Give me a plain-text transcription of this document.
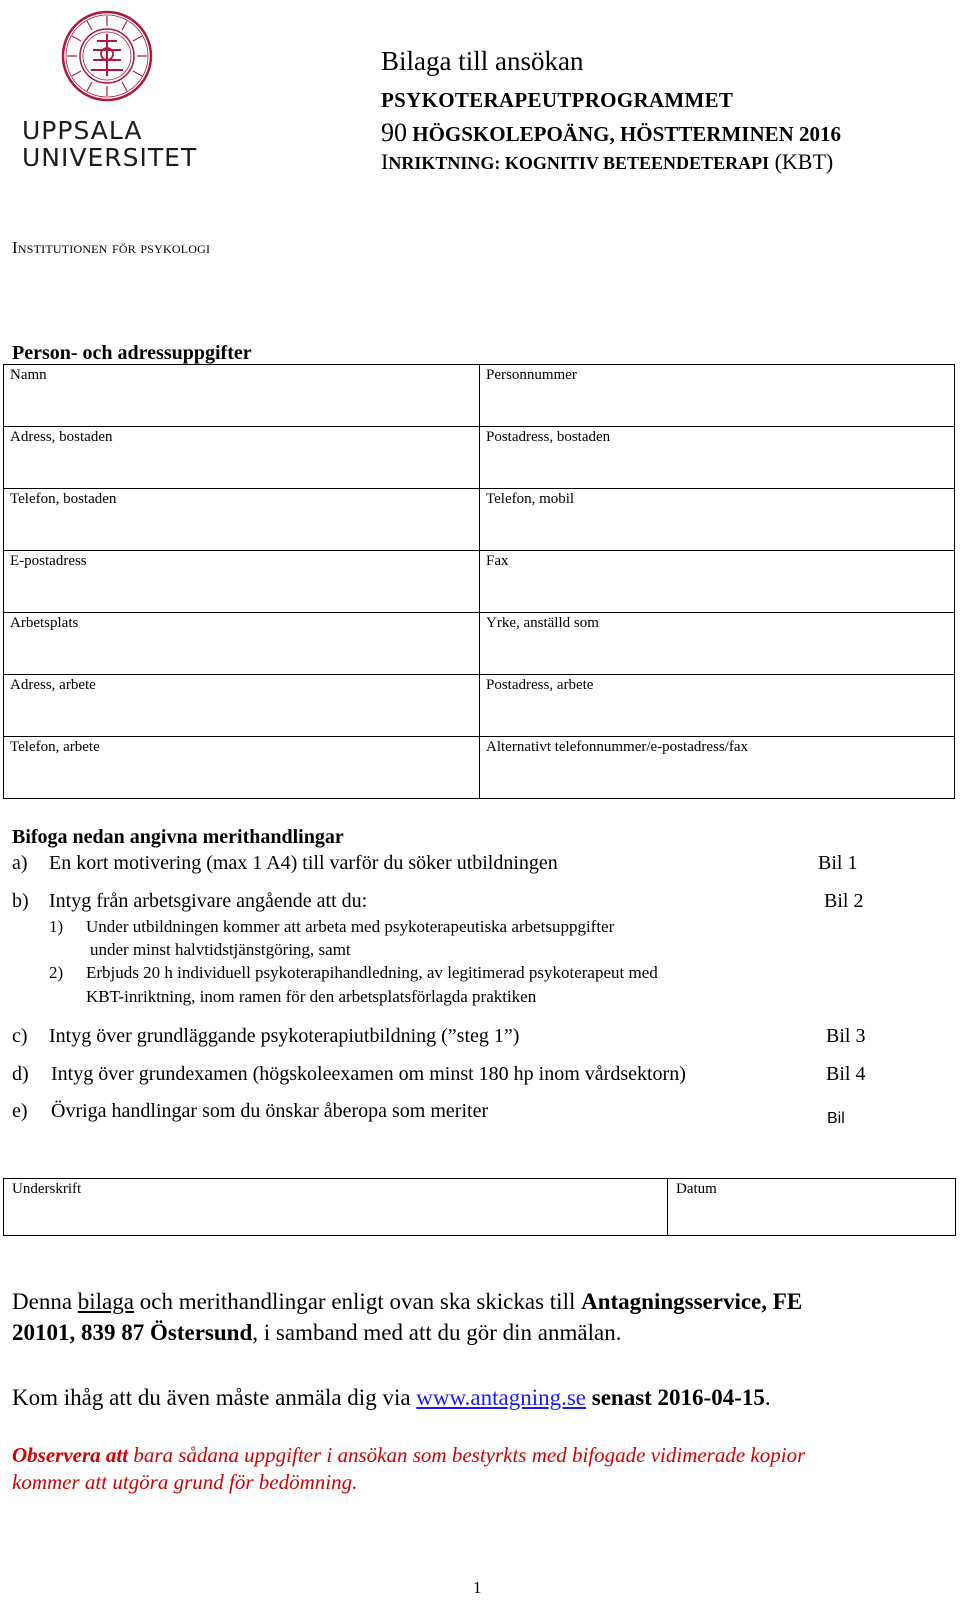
UPPSALA
UNIVERSITET
Bilaga till ansökan
PSYKOTERAPEUTPROGRAMMET
90 HÖGSKOLEPOÄNG, HÖSTTERMINEN 2016
INRIKTNING: KOGNITIV BETEENDETERAPI (KBT)
Institutionen för psykologi
Person- och adressuppgifter
Namn	Personnummer
Adress, bostaden	Postadress, bostaden
Telefon, bostaden	Telefon, mobil
E-postadress	Fax
Arbetsplats	Yrke, anställd som
Adress, arbete	Postadress, arbete
Telefon, arbete	Alternativt telefonnummer/e-postadress/fax
Bifoga nedan angivna merithandlingar
a) En kort motivering (max 1 A4) till varför du söker utbildningen	Bil 1
b) Intyg från arbetsgivare angående att du:	Bil 2
1) Under utbildningen kommer att arbeta med psykoterapeutiska arbetsuppgifter
under minst halvtidstjänstgöring, samt
2) Erbjuds 20 h individuell psykoterapihandledning, av legitimerad psykoterapeut med
KBT-inriktning, inom ramen för den arbetsplatsförlagda praktiken
c) Intyg över grundläggande psykoterapiutbildning (”steg 1”)	Bil 3
d) Intyg över grundexamen (högskoleexamen om minst 180 hp inom vårdsektorn)	Bil 4
e) Övriga handlingar som du önskar åberopa som meriter	Bil
Underskrift	Datum
Denna bilaga och merithandlingar enligt ovan ska skickas till Antagningsservice, FE
20101, 839 87 Östersund, i samband med att du gör din anmälan.
Kom ihåg att du även måste anmäla dig via www.antagning.se senast 2016-04-15.
Observera att bara sådana uppgifter i ansökan som bestyrkts med bifogade vidimerade kopior
kommer att utgöra grund för bedömning.
1
